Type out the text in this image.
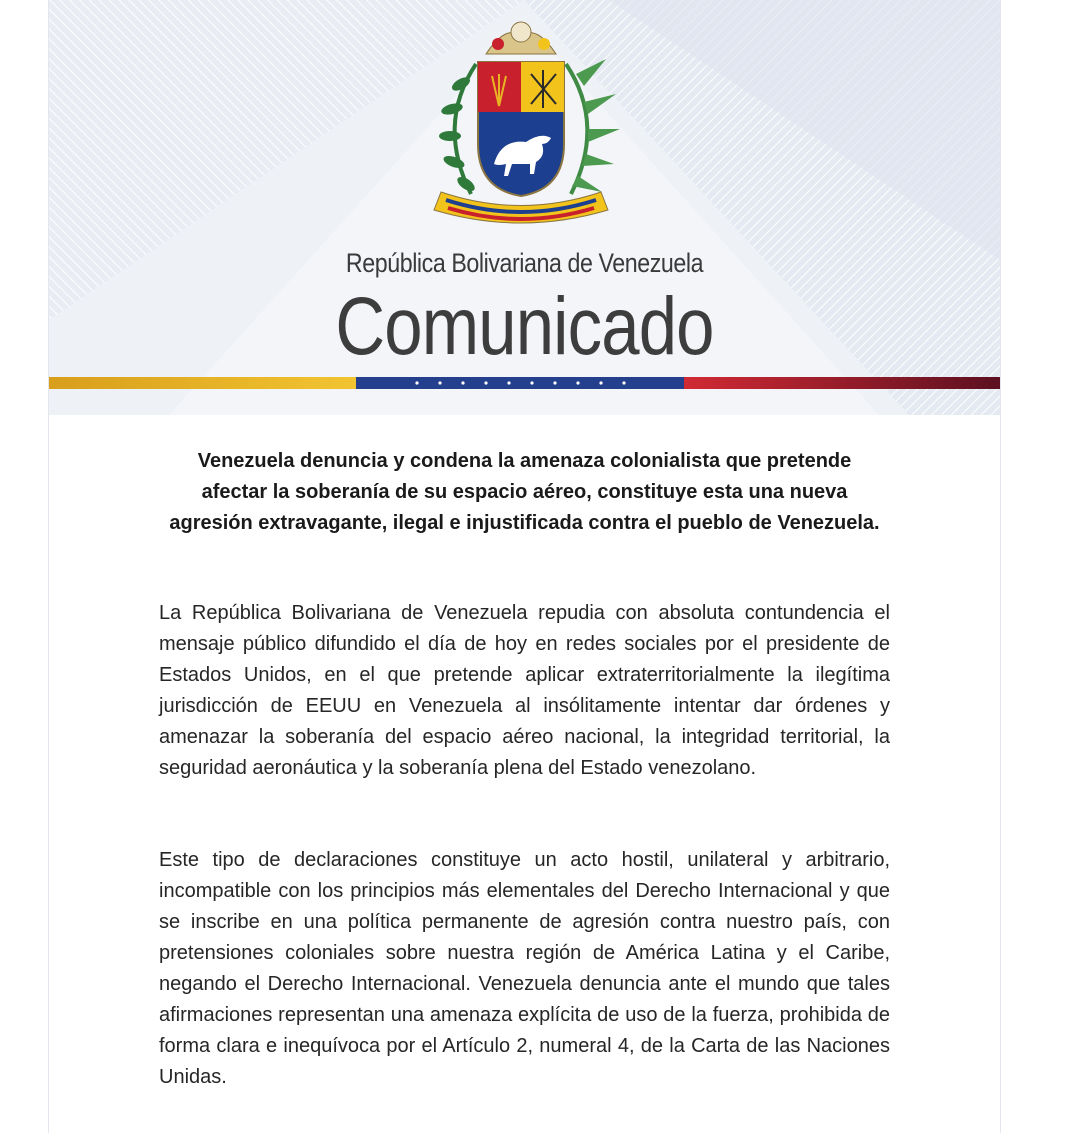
República Bolivariana de Venezuela
Comunicado
Venezuela denuncia y condena la amenaza colonialista que pretende afectar la soberanía de su espacio aéreo, constituye esta una nueva agresión extravagante, ilegal e injustificada contra el pueblo de Venezuela.
La República Bolivariana de Venezuela repudia con absoluta contundencia el mensaje público difundido el día de hoy en redes sociales por el presidente de Estados Unidos, en el que pretende aplicar extraterritorialmente la ilegítima jurisdicción de EEUU en Venezuela al insólitamente intentar dar órdenes y amenazar la soberanía del espacio aéreo nacional, la integridad territorial, la seguridad aeronáutica y la soberanía plena del Estado venezolano.
Este tipo de declaraciones constituye un acto hostil, unilateral y arbitrario, incompatible con los principios más elementales del Derecho Internacional y que se inscribe en una política permanente de agresión contra nuestro país, con pretensiones coloniales sobre nuestra región de América Latina y el Caribe, negando el Derecho Internacional. Venezuela denuncia ante el mundo que tales afirmaciones representan una amenaza explícita de uso de la fuerza, prohibida de forma clara e inequívoca por el Artículo 2, numeral 4, de la Carta de las Naciones Unidas.
